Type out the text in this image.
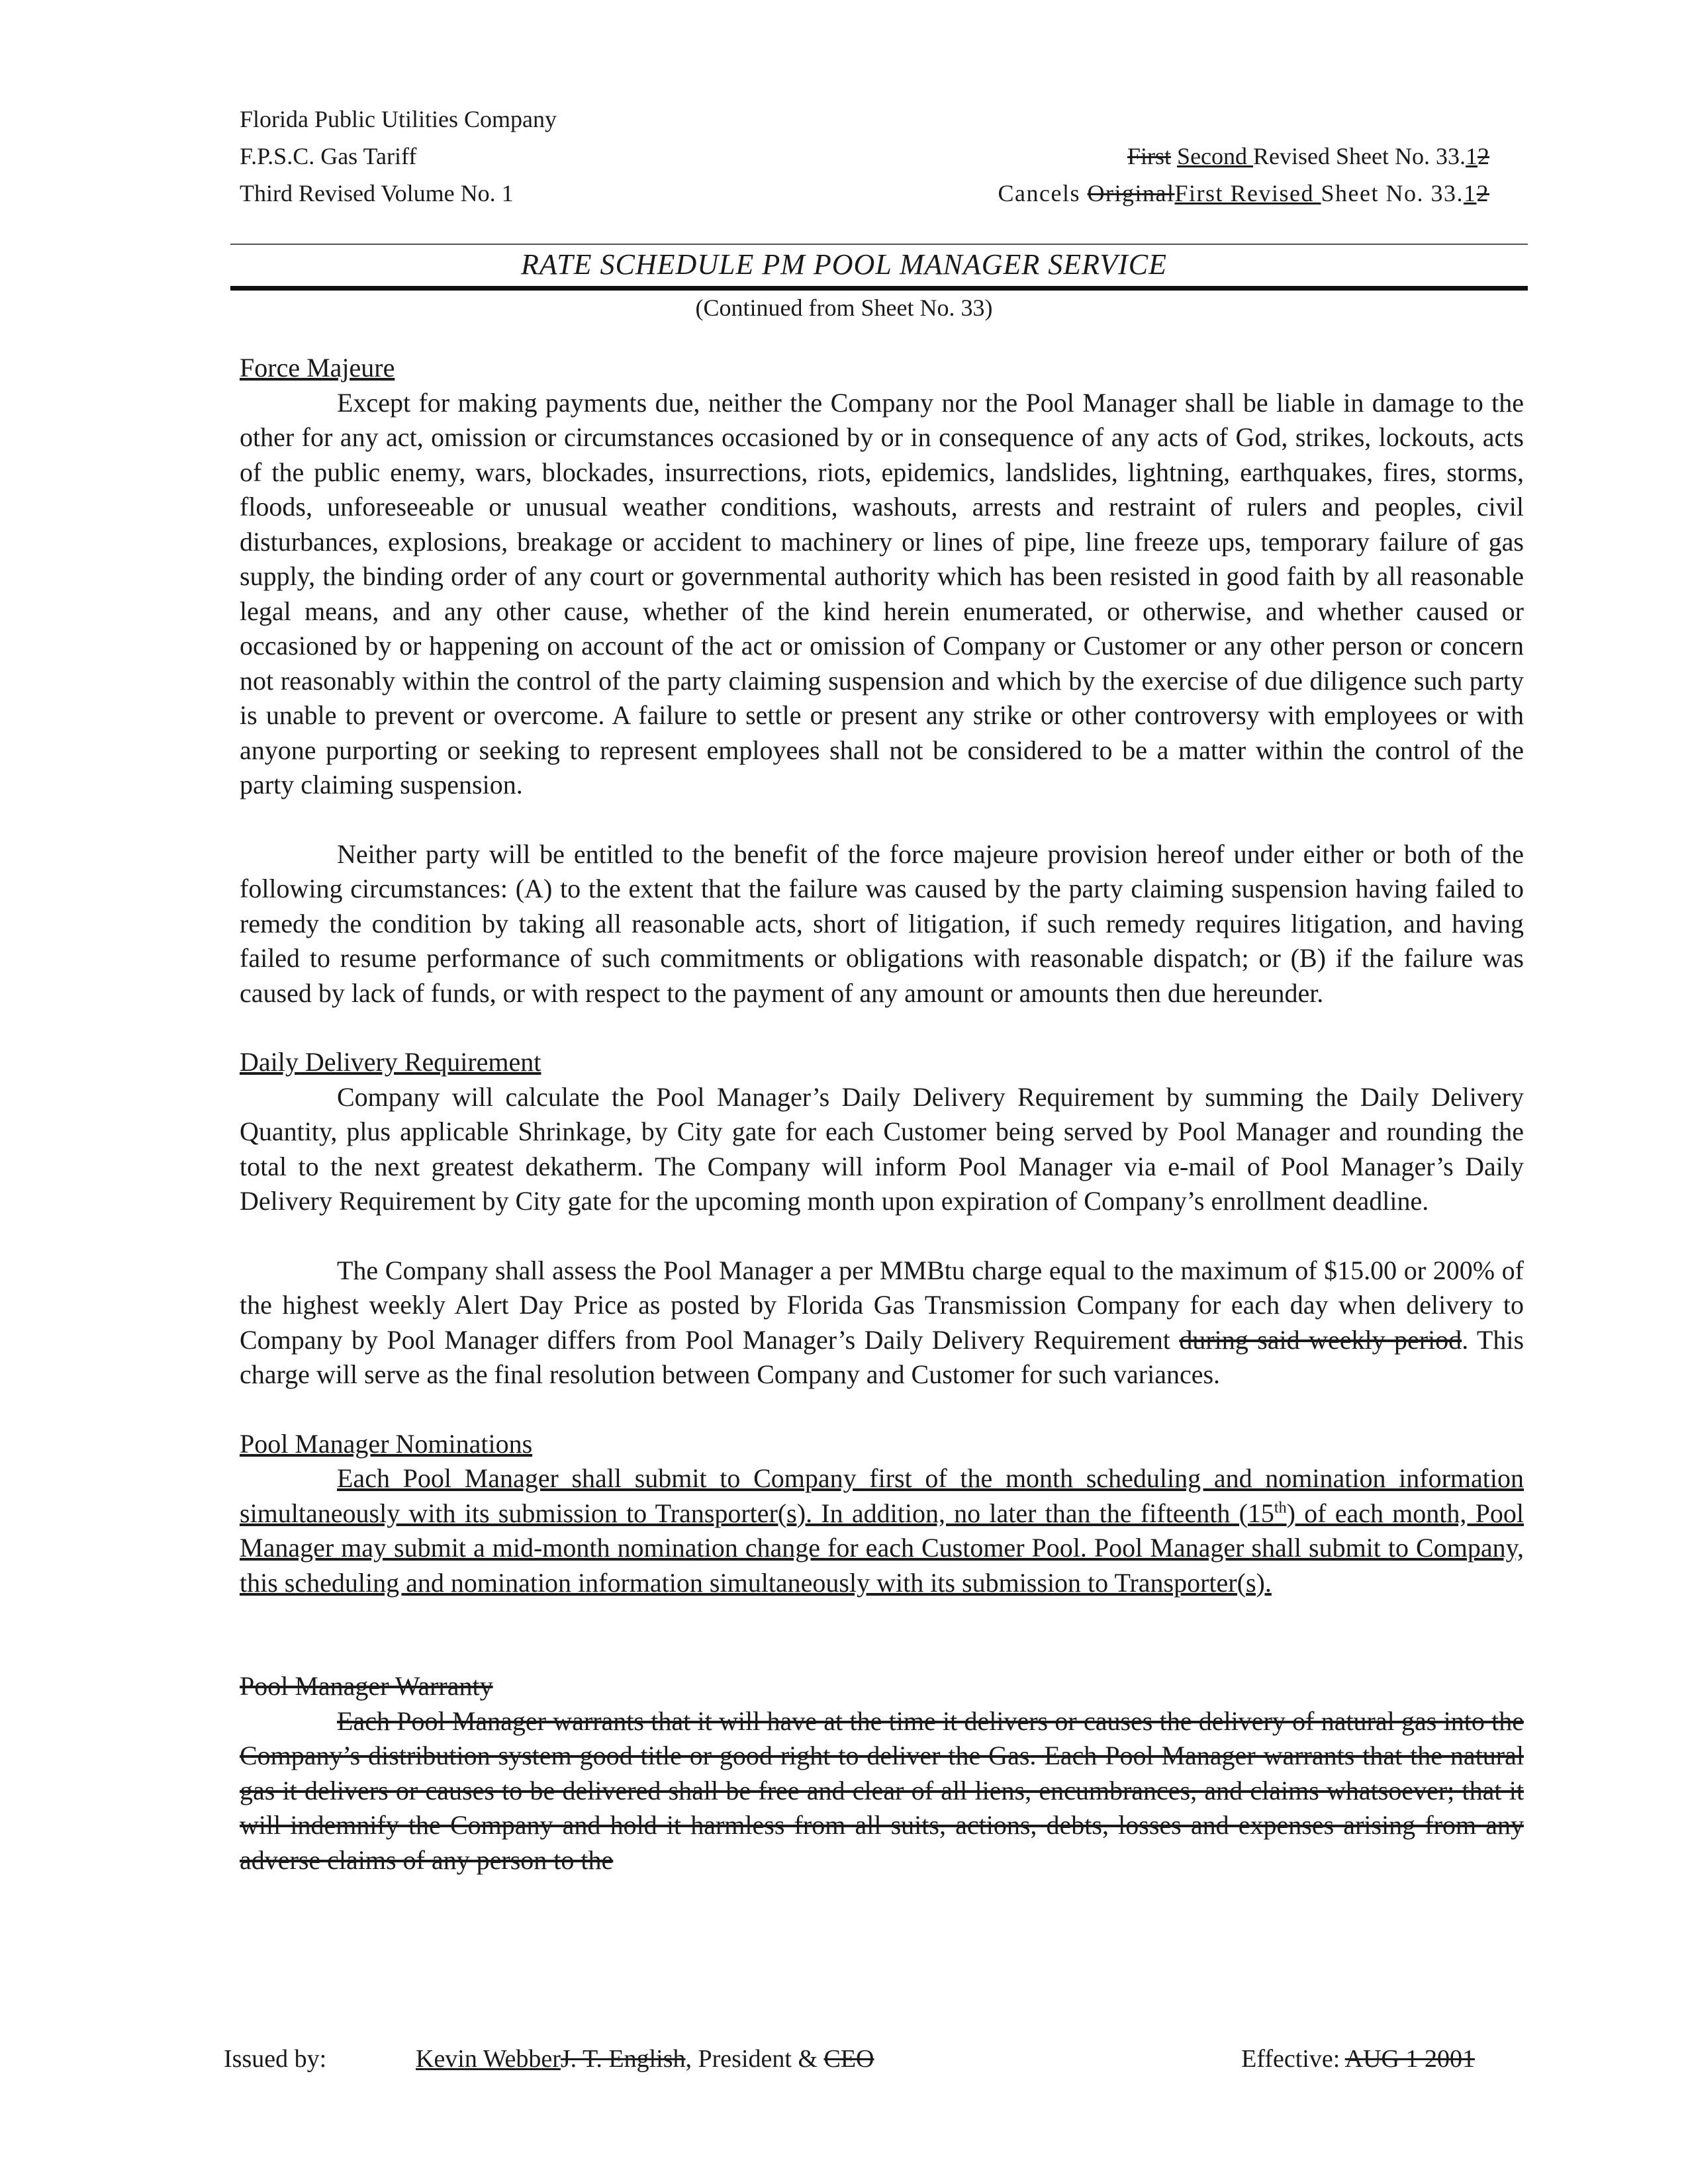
Florida Public Utilities Company
F.P.S.C. Gas Tariff
Third Revised Volume No. 1
First Second Revised Sheet No. 33.12
Cancels OriginalFirst Revised Sheet No. 33.12
RATE SCHEDULE PM POOL MANAGER SERVICE
(Continued from Sheet No. 33)
Force Majeure

Except for making payments due, neither the Company nor the Pool Manager shall be liable in damage to the other for any act, omission or circumstances occasioned by or in consequence of any acts of God, strikes, lockouts, acts of the public enemy, wars, blockades, insurrections, riots, epidemics, landslides, lightning, earthquakes, fires, storms, floods, unforeseeable or unusual weather conditions, washouts, arrests and restraint of rulers and peoples, civil disturbances, explosions, breakage or accident to machinery or lines of pipe, line freeze ups, temporary failure of gas supply, the binding order of any court or governmental authority which has been resisted in good faith by all reasonable legal means, and any other cause, whether of the kind herein enumerated, or otherwise, and whether caused or occasioned by or happening on account of the act or omission of Company or Customer or any other person or concern not reasonably within the control of the party claiming suspension and which by the exercise of due diligence such party is unable to prevent or overcome. A failure to settle or present any strike or other controversy with employees or with anyone purporting or seeking to represent employees shall not be considered to be a matter within the control of the party claiming suspension.

Neither party will be entitled to the benefit of the force majeure provision hereof under either or both of the following circumstances: (A) to the extent that the failure was caused by the party claiming suspension having failed to remedy the condition by taking all reasonable acts, short of litigation, if such remedy requires litigation, and having failed to resume performance of such commitments or obligations with reasonable dispatch; or (B) if the failure was caused by lack of funds, or with respect to the payment of any amount or amounts then due hereunder.

Daily Delivery Requirement

Company will calculate the Pool Manager’s Daily Delivery Requirement by summing the Daily Delivery Quantity, plus applicable Shrinkage, by City gate for each Customer being served by Pool Manager and rounding the total to the next greatest dekatherm. The Company will inform Pool Manager via e-mail of Pool Manager’s Daily Delivery Requirement by City gate for the upcoming month upon expiration of Company’s enrollment deadline.

The Company shall assess the Pool Manager a per MMBtu charge equal to the maximum of $15.00 or 200% of the highest weekly Alert Day Price as posted by Florida Gas Transmission Company for each day when delivery to Company by Pool Manager differs from Pool Manager’s Daily Delivery Requirement during said weekly period. This charge will serve as the final resolution between Company and Customer for such variances.

Pool Manager Nominations

Each Pool Manager shall submit to Company first of the month scheduling and nomination information simultaneously with its submission to Transporter(s). In addition, no later than the fifteenth (15th) of each month, Pool Manager may submit a mid-month nomination change for each Customer Pool. Pool Manager shall submit to Company, this scheduling and nomination information simultaneously with its submission to Transporter(s).

Pool Manager Warranty

Each Pool Manager warrants that it will have at the time it delivers or causes the delivery of natural gas into the Company’s distribution system good title or good right to deliver the Gas. Each Pool Manager warrants that the natural gas it delivers or causes to be delivered shall be free and clear of all liens, encumbrances, and claims whatsoever; that it will indemnify the Company and hold it harmless from all suits, actions, debts, losses and expenses arising from any adverse claims of any person to the

Issued by:	Kevin WebberJ. T. English, President & CEO	Effective: AUG 1 2001
